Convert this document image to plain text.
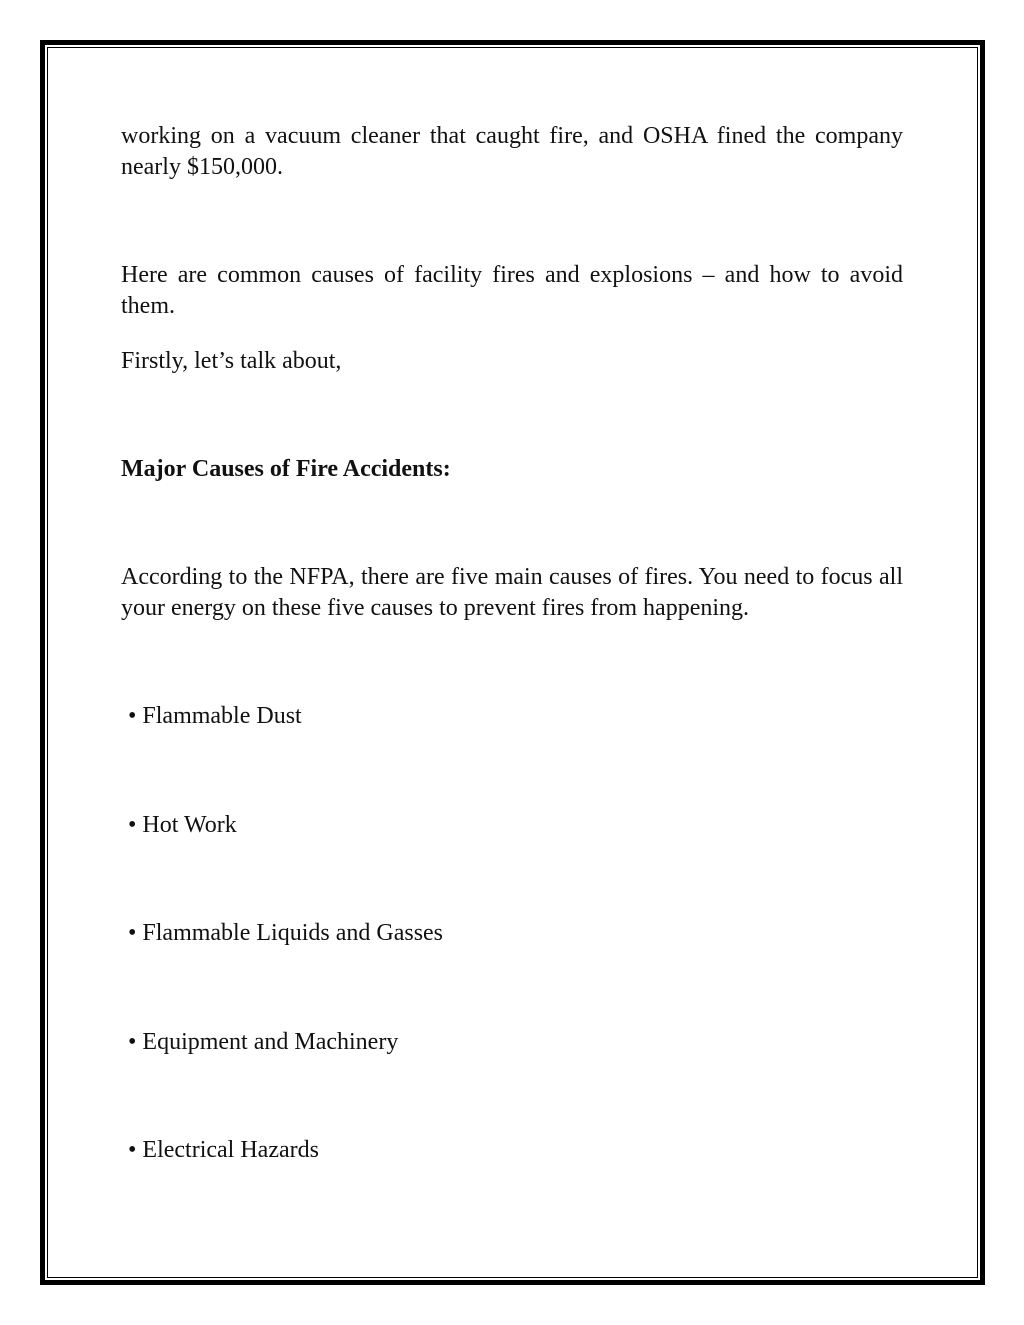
working on a vacuum cleaner that caught fire, and OSHA fined the company nearly $150,000.

Here are common causes of facility fires and explosions – and how to avoid them.

Firstly, let’s talk about,

Major Causes of Fire Accidents:

According to the NFPA, there are five main causes of fires. You need to focus all your energy on these five causes to prevent fires from happening.

• Flammable Dust

• Hot Work

• Flammable Liquids and Gasses

• Equipment and Machinery

• Electrical Hazards
